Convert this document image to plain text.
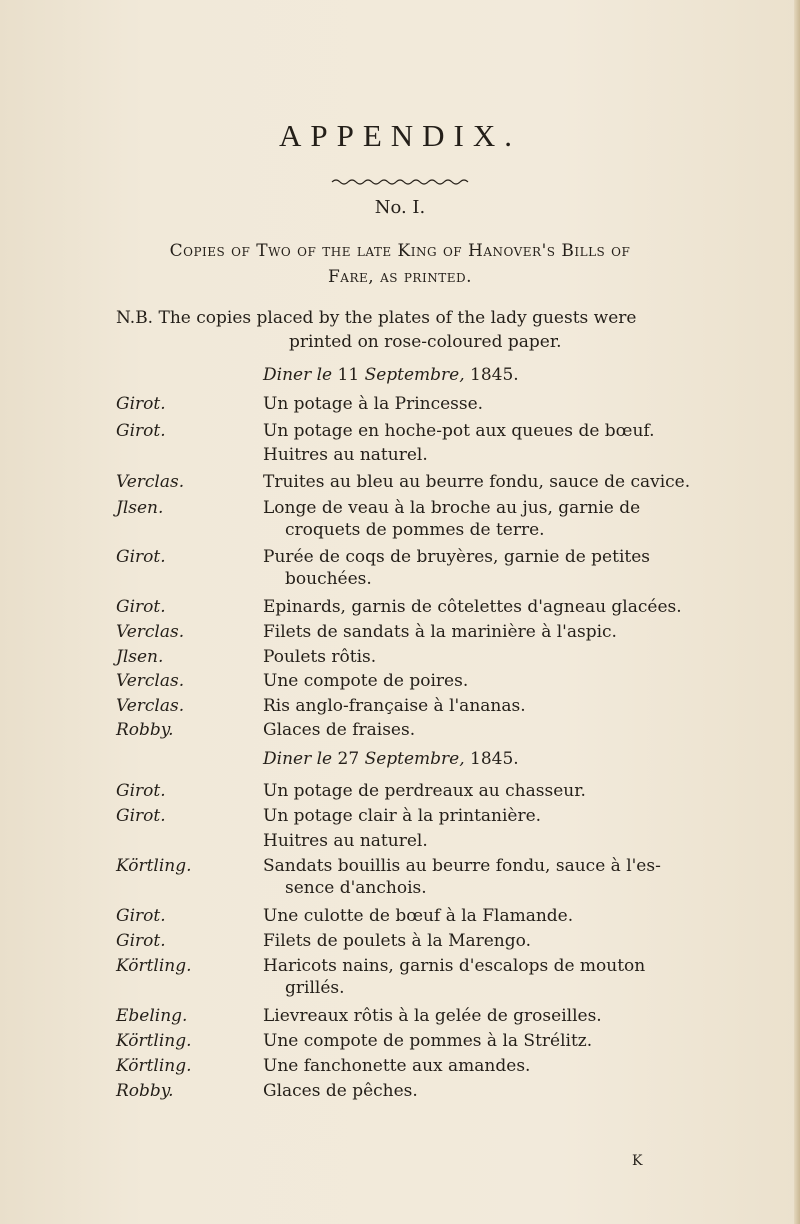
APPENDIX.
No. I.
Copies of Two of the late King of Hanover's Bills of
Fare, as printed.
N.B. The copies placed by the plates of the lady guests were
printed on rose-coloured paper.
Diner le 11 Septembre, 1845.
Girot.	Un potage à la Princesse.
Girot.	Un potage en hoche-pot aux queues de bœuf.
Huitres au naturel.
Verclas.	Truites au bleu au beurre fondu, sauce de cavice.
Jlsen.	Longe de veau à la broche au jus, garnie de
croquets de pommes de terre.
Girot.	Purée de coqs de bruyères, garnie de petites
bouchées.
Girot.	Epinards, garnis de côtelettes d'agneau glacées.
Verclas.	Filets de sandats à la marinière à l'aspic.
Jlsen.	Poulets rôtis.
Verclas.	Une compote de poires.
Verclas.	Ris anglo-française à l'ananas.
Robby.	Glaces de fraises.
Diner le 27 Septembre, 1845.
Girot.	Un potage de perdreaux au chasseur.
Girot.	Un potage clair à la printanière.
Huitres au naturel.
Körtling.	Sandats bouillis au beurre fondu, sauce à l'es-
sence d'anchois.
Girot.	Une culotte de bœuf à la Flamande.
Girot.	Filets de poulets à la Marengo.
Körtling.	Haricots nains, garnis d'escalops de mouton
grillés.
Ebeling.	Lievreaux rôtis à la gelée de groseilles.
Körtling.	Une compote de pommes à la Strélitz.
Körtling.	Une fanchonette aux amandes.
Robby.	Glaces de pêches.
K
